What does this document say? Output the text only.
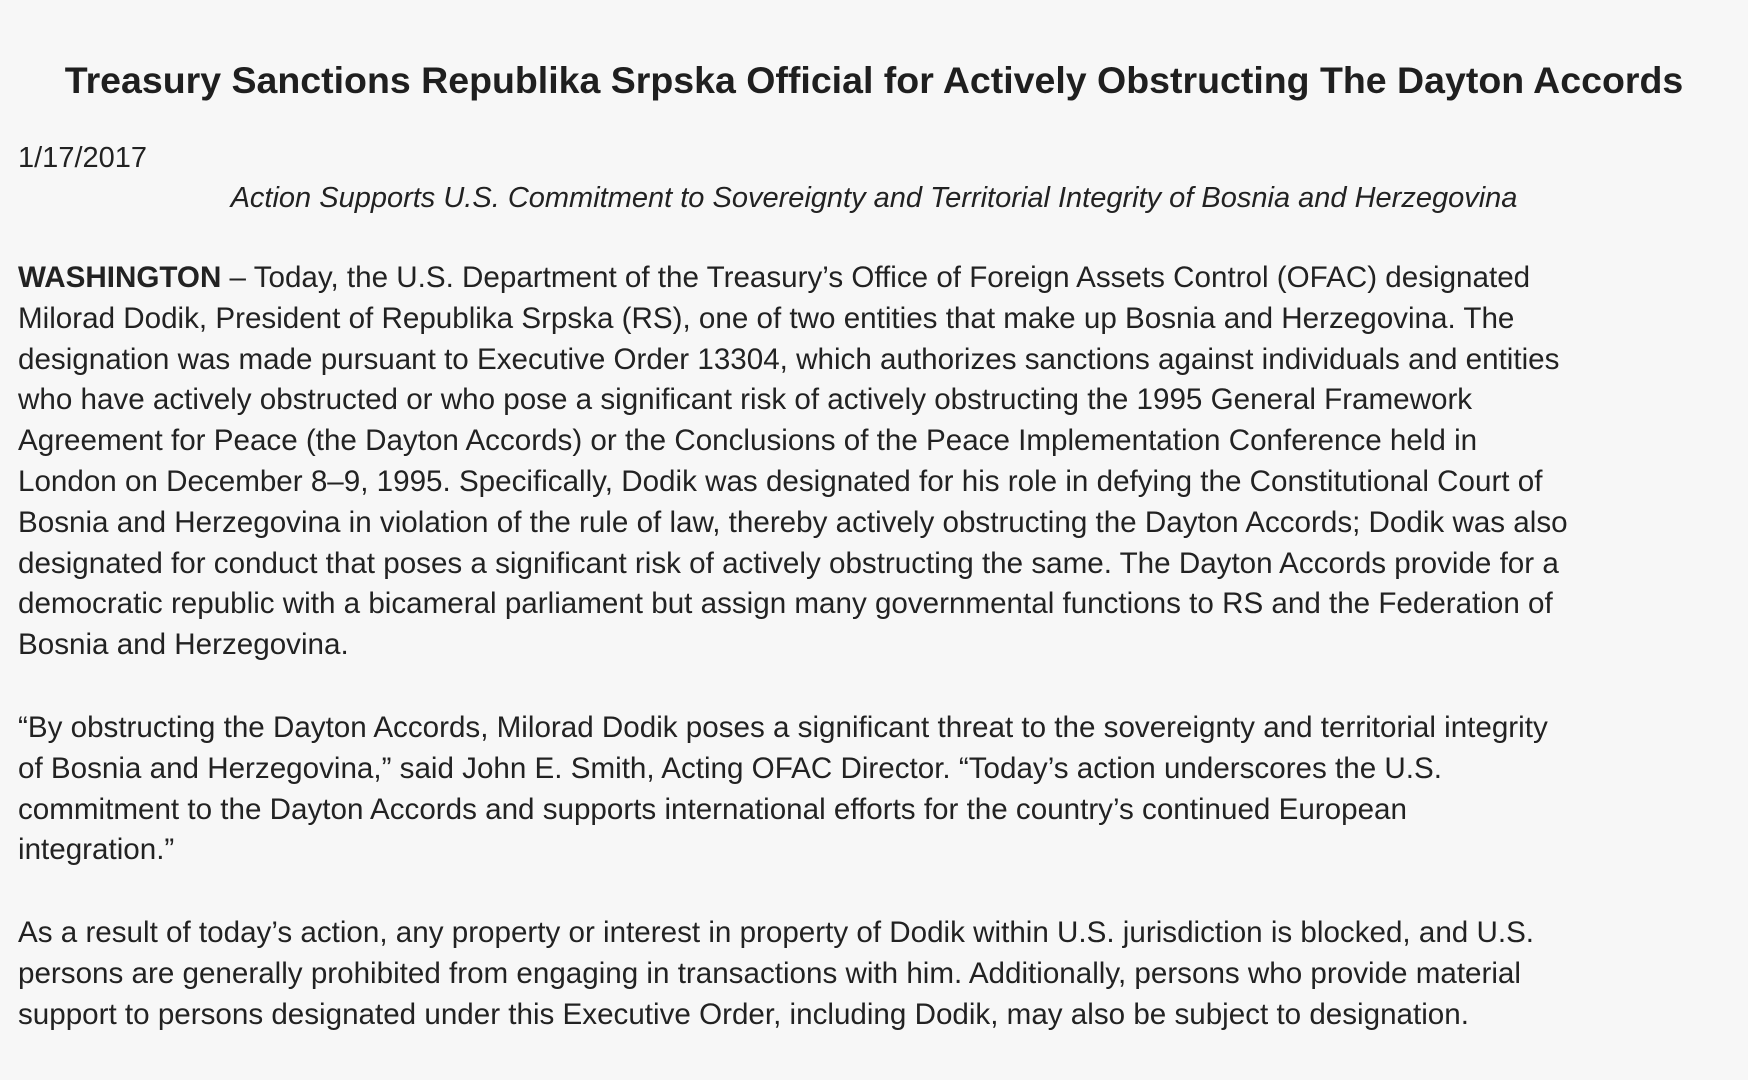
Treasury Sanctions Republika Srpska Official for Actively Obstructing The Dayton Accords
1/17/2017
Action Supports U.S. Commitment to Sovereignty and Territorial Integrity of Bosnia and Herzegovina

WASHINGTON – Today, the U.S. Department of the Treasury’s Office of Foreign Assets Control (OFAC) designated
Milorad Dodik, President of Republika Srpska (RS), one of two entities that make up Bosnia and Herzegovina. The
designation was made pursuant to Executive Order 13304, which authorizes sanctions against individuals and entities
who have actively obstructed or who pose a significant risk of actively obstructing the 1995 General Framework
Agreement for Peace (the Dayton Accords) or the Conclusions of the Peace Implementation Conference held in
London on December 8–9, 1995. Specifically, Dodik was designated for his role in defying the Constitutional Court of
Bosnia and Herzegovina in violation of the rule of law, thereby actively obstructing the Dayton Accords; Dodik was also
designated for conduct that poses a significant risk of actively obstructing the same. The Dayton Accords provide for a
democratic republic with a bicameral parliament but assign many governmental functions to RS and the Federation of
Bosnia and Herzegovina.

“By obstructing the Dayton Accords, Milorad Dodik poses a significant threat to the sovereignty and territorial integrity
of Bosnia and Herzegovina,” said John E. Smith, Acting OFAC Director. “Today’s action underscores the U.S.
commitment to the Dayton Accords and supports international efforts for the country’s continued European
integration.”

As a result of today’s action, any property or interest in property of Dodik within U.S. jurisdiction is blocked, and U.S.
persons are generally prohibited from engaging in transactions with him. Additionally, persons who provide material
support to persons designated under this Executive Order, including Dodik, may also be subject to designation.
